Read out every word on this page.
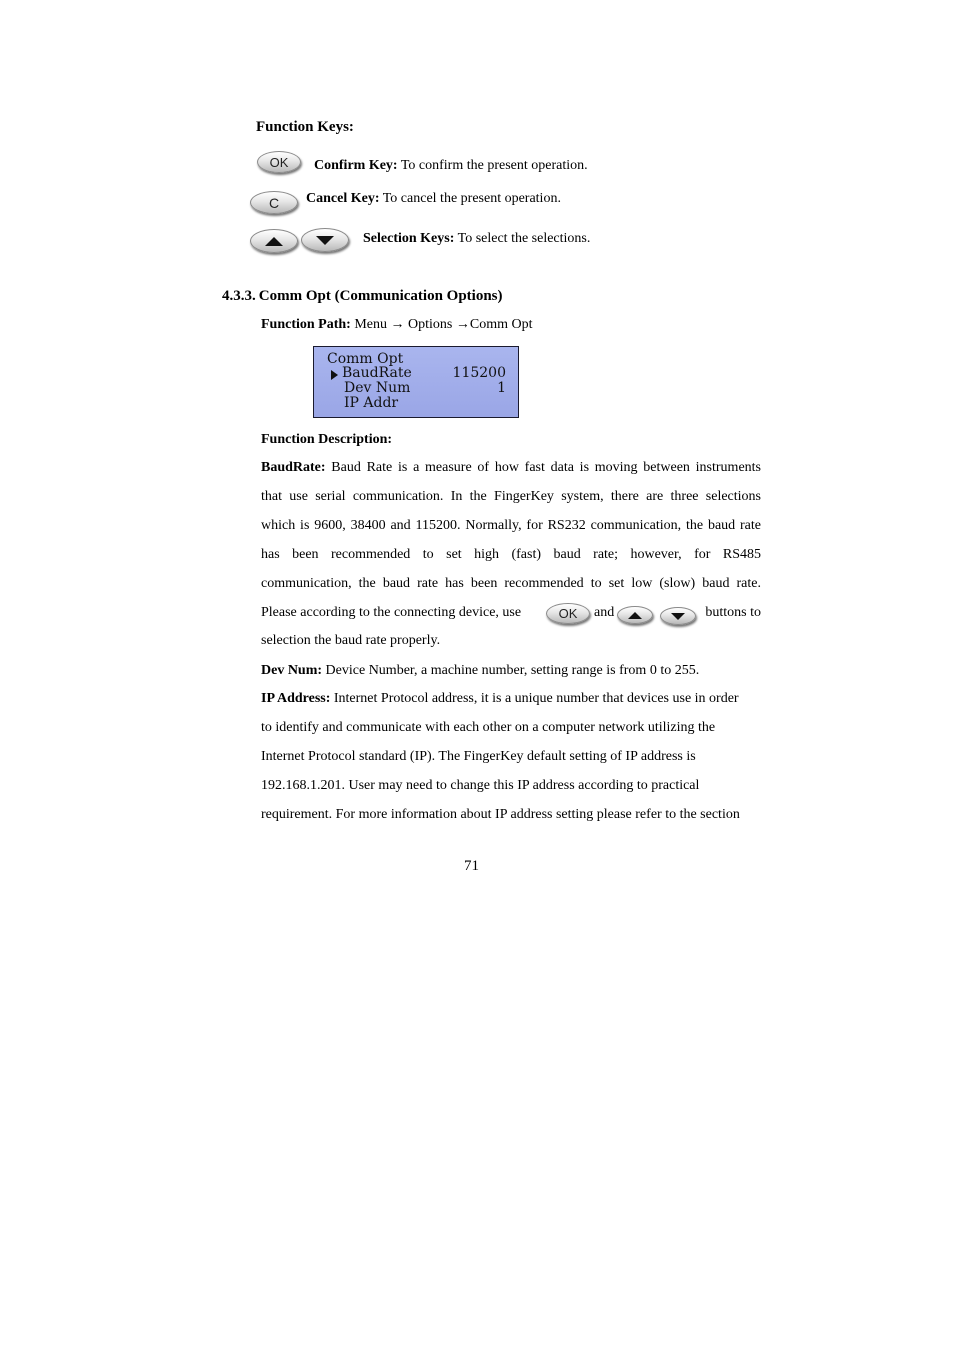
Function Keys:
OK Confirm Key: To confirm the present operation.
C Cancel Key: To cancel the present operation.
Selection Keys: To select the selections.
4.3.3. Comm Opt (Communication Options)
Function Path: Menu → Options →Comm Opt
Comm Opt
BaudRate	115200
Dev Num	1
IP Addr
Function Description:
BaudRate: Baud Rate is a measure of how fast data is moving between instruments
that use serial communication. In the FingerKey system, there are three selections
which is 9600, 38400 and 115200. Normally, for RS232 communication, the baud rate
has been recommended to set high (fast) baud rate; however, for RS485
communication, the baud rate has been recommended to set low (slow) baud rate.
Please according to the connecting device, use	OK and	buttons to
selection the baud rate properly.
Dev Num: Device Number, a machine number, setting range is from 0 to 255.
IP Address: Internet Protocol address, it is a unique number that devices use in order
to identify and communicate with each other on a computer network utilizing the
Internet Protocol standard (IP). The FingerKey default setting of IP address is
192.168.1.201. User may need to change this IP address according to practical
requirement. For more information about IP address setting please refer to the section
71
